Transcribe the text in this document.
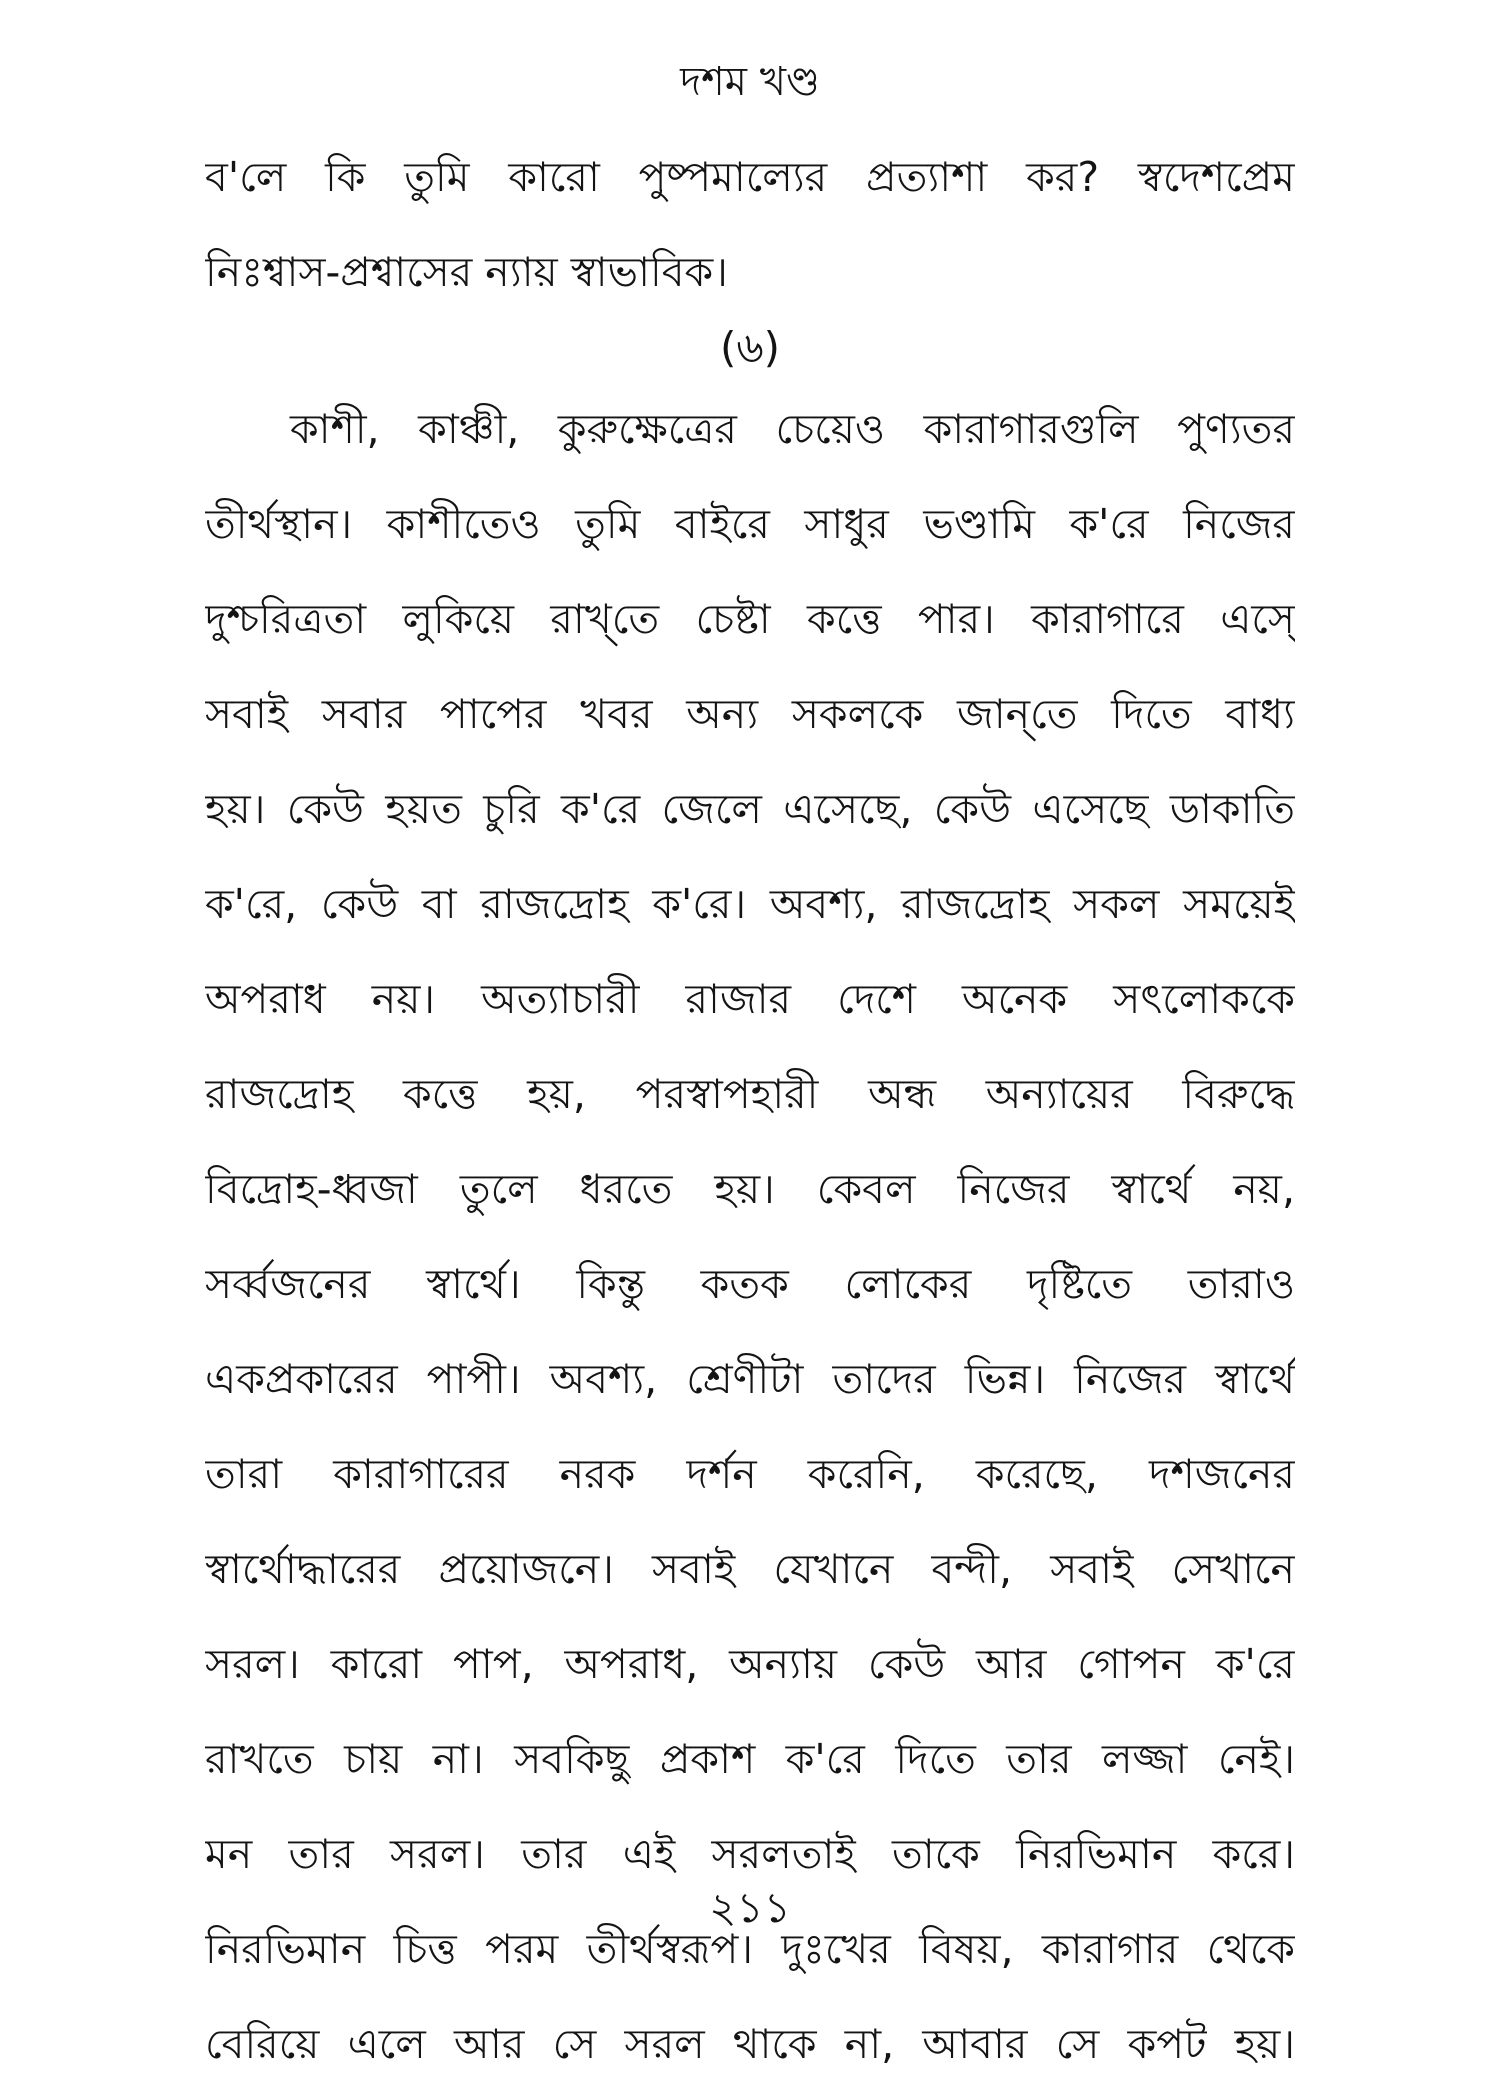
দশম খণ্ড
ব'লে কি তুমি কারো পুষ্পমাল্যের প্রত্যাশা কর? স্বদেশপ্রেম
নিঃশ্বাস-প্রশ্বাসের ন্যায় স্বাভাবিক।
(৬)
কাশী, কাঞ্চী, কুরুক্ষেত্রের চেয়েও কারাগারগুলি পুণ্যতর
তীর্থস্থান। কাশীতেও তুমি বাইরে সাধুর ভণ্ডামি ক'রে নিজের
দুশ্চরিত্রতা লুকিয়ে রাখ্‌তে চেষ্টা কত্তে পার। কারাগারে এসে্
সবাই সবার পাপের খবর অন্য সকলকে জান্‌তে দিতে বাধ্য
হয়। কেউ হয়ত চুরি ক'রে জেলে এসেছে, কেউ এসেছে ডাকাতি
ক'রে, কেউ বা রাজদ্রোহ ক'রে। অবশ্য, রাজদ্রোহ সকল সময়েই
অপরাধ নয়। অত্যাচারী রাজার দেশে অনেক সৎলোককে
রাজদ্রোহ কত্তে হয়, পরস্বাপহারী অন্ধ অন্যায়ের বিরুদ্ধে
বিদ্রোহ-ধ্বজা তুলে ধরতে হয়। কেবল নিজের স্বার্থে নয়,
সর্ব্বজনের স্বার্থে। কিন্তু কতক লোকের দৃষ্টিতে তারাও
একপ্রকারের পাপী। অবশ্য, শ্রেণীটা তাদের ভিন্ন। নিজের স্বার্থে
তারা কারাগারের নরক দর্শন করেনি, করেছে, দশজনের
স্বার্থোদ্ধারের প্রয়োজনে। সবাই যেখানে বন্দী, সবাই সেখানে
সরল। কারো পাপ, অপরাধ, অন্যায় কেউ আর গোপন ক'রে
রাখতে চায় না। সবকিছু প্রকাশ ক'রে দিতে তার লজ্জা নেই।
মন তার সরল। তার এই সরলতাই তাকে নিরভিমান করে।
নিরভিমান চিত্ত পরম তীর্থস্বরূপ। দুঃখের বিষয়, কারাগার থেকে
বেরিয়ে এলে আর সে সরল থাকে না, আবার সে কপট হয়।
২১১
